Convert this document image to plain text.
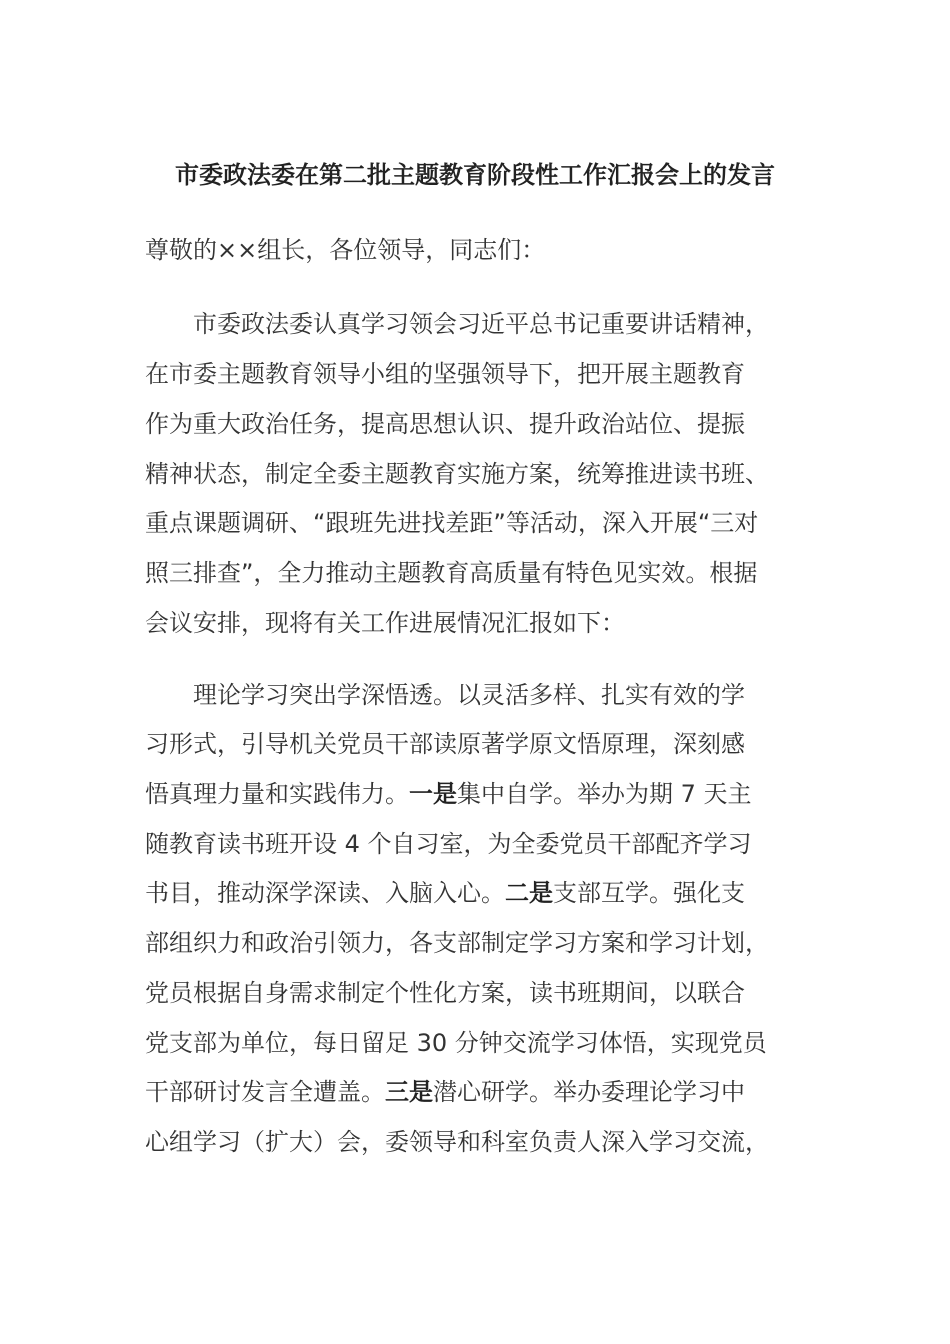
市委政法委在第二批主题教育阶段性工作汇报会上的发言
尊敬的××组长，各位领导，同志们：
市委政法委认真学习领会习近平总书记重要讲话精神，
在市委主题教育领导小组的坚强领导下，把开展主题教育
作为重大政治任务，提高思想认识、提升政治站位、提振
精神状态，制定全委主题教育实施方案，统筹推进读书班、
重点课题调研、“跟班先进找差距”等活动，深入开展“三对
照三排查”，全力推动主题教育高质量有特色见实效。根据
会议安排，现将有关工作进展情况汇报如下：
理论学习突出学深悟透。以灵活多样、扎实有效的学
习形式，引导机关党员干部读原著学原文悟原理，深刻感
悟真理力量和实践伟力。一是集中自学。举办为期 7 天主
随教育读书班开设 4 个自习室，为全委党员干部配齐学习
书目，推动深学深读、入脑入心。二是支部互学。强化支
部组织力和政治引领力，各支部制定学习方案和学习计划，
党员根据自身需求制定个性化方案，读书班期间，以联合
党支部为单位，每日留足 30 分钟交流学习体悟，实现党员
干部研讨发言全遭盖。三是潜心研学。举办委理论学习中
心组学习（扩大）会，委领导和科室负责人深入学习交流，
